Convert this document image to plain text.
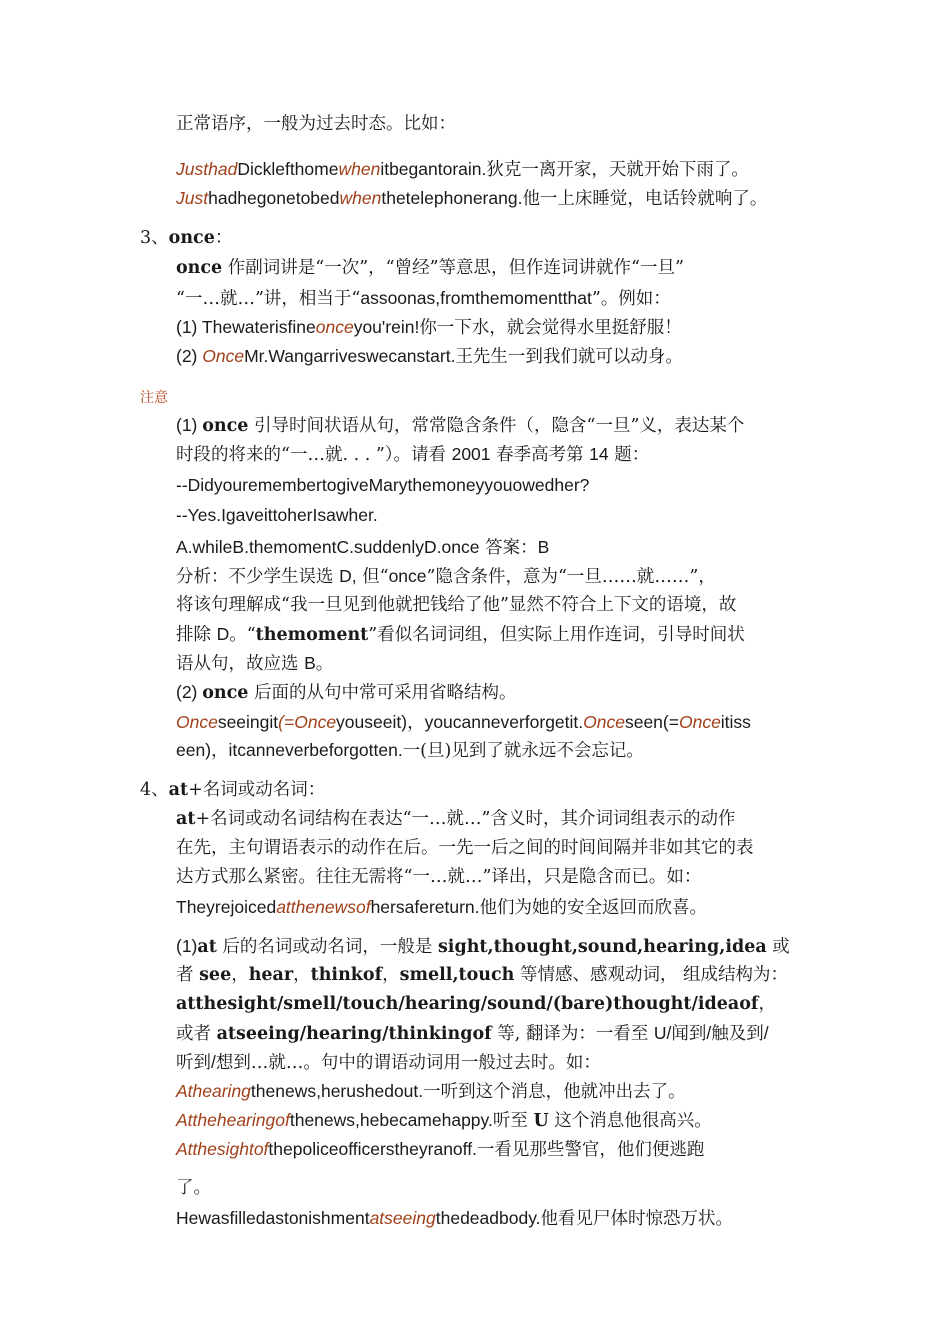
正常语序，一般为过去时态。比如：
JusthadDicklefthomewhenitbegantorain.狄克一离开家，天就开始下雨了。
Justhadhegonetobedwhenthetelephonerang.他一上床睡觉，电话铃就响了。
3、once：
once 作副词讲是“一次”，“曾经”等意思，但作连词讲就作“一旦”
“一…就…”讲，相当于“assoonas,fromthemomentthat”。例如：
(1) Thewaterisfineonceyou'rein!你一下水，就会觉得水里挺舒服！
(2) OnceMr.Wangarriveswecanstart.王先生一到我们就可以动身。
注意
(1) once 引导时间状语从句，常常隐含条件（，隐含“一旦”义，表达某个
时段的将来的“一…就. . . ”）。请看 2001 春季高考第 14 题：
--DidyouremembertogiveMarythemoneyyouowedher?
--Yes.IgaveittoherIsawher.
A.whileB.themomentC.suddenlyD.once 答案：B
分析：不少学生误选 D, 但“once”隐含条件，意为“一旦……就……”，
将该句理解成“我一旦见到他就把钱给了他”显然不符合上下文的语境，故
排除 D。“themoment”看似名词词组，但实际上用作连词，引导时间状
语从句，故应选 B。
(2) once 后面的从句中常可采用省略结构。
Onceseeingit(=Onceyouseeit)，youcanneverforgetit.Onceseen(=Onceitiss
een)，itcanneverbeforgotten.一(旦)见到了就永远不会忘记。
4、at+名词或动名词：
at+名词或动名词结构在表达“一…就…”含义时，其介词词组表示的动作
在先，主句谓语表示的动作在后。一先一后之间的时间间隔并非如其它的表
达方式那么紧密。往往无需将“一…就…”译出，只是隐含而已。如：
Theyrejoicedatthenewsofhersafereturn.他们为她的安全返回而欣喜。
(1)at 后的名词或动名词，一般是 sight,thought,sound,hearing,idea 或
者 see，hear，thinkof，smell,touch 等情感、感观动词， 组成结构为：
atthesight/smell/touch/hearing/sound/(bare)thought/ideaof，
或者 atseeing/hearing/thinkingof 等, 翻译为：一看至 U/闻到/触及到/
听到/想到…就…。句中的谓语动词用一般过去时。如：
Athearingthenews,herushedout.一听到这个消息，他就冲出去了。
Atthehearingofthenews,hebecamehappy.听至 U 这个消息他很高兴。
Atthesightofthepoliceofficerstheyranoff.一看见那些警官，他们便逃跑
了。
Hewasfilledastonishmentatseeingthedeadbody.他看见尸体时惊恐万状。
